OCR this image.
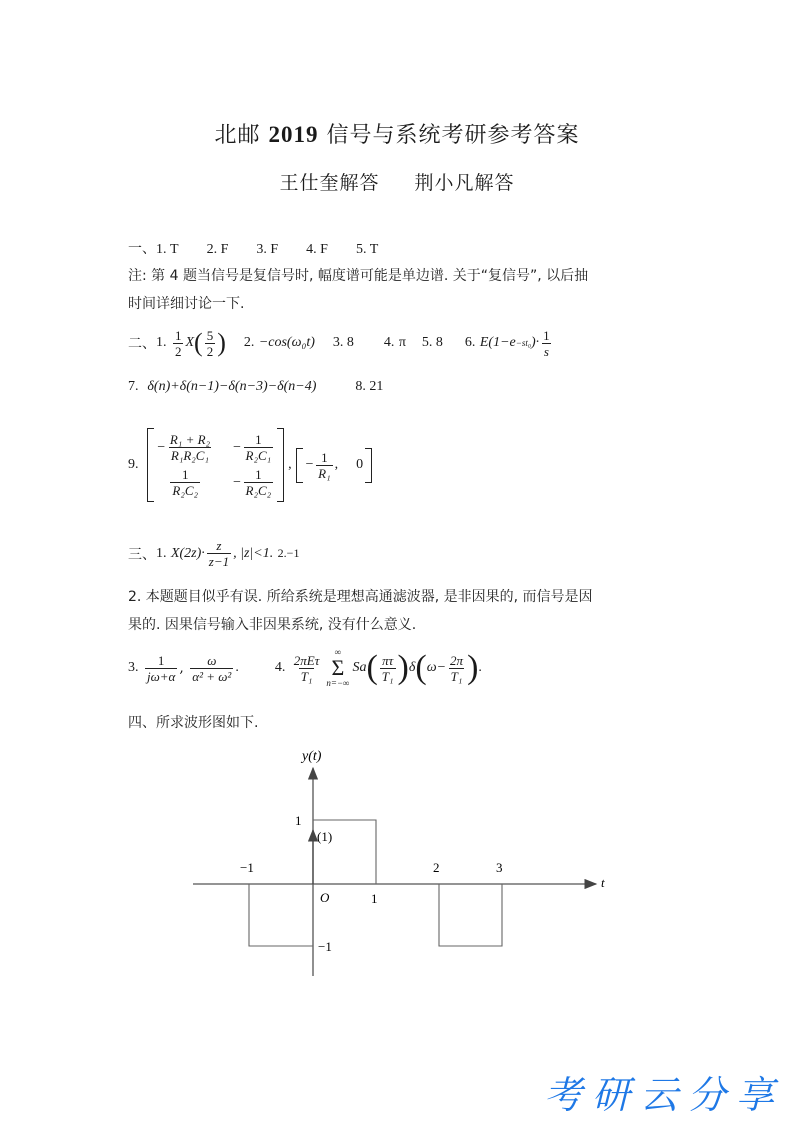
北邮 2019 信号与系统考研参考答案
王仕奎解答 荆小凡解答
一、1. T 2. F 3. F 4. F 5. T
注: 第 4 题当信号是复信号时, 幅度谱可能是单边谱. 关于“复信号”, 以后抽
时间详细讨论一下.
二、 1.
$\frac{1}{2}$ X ( $\frac{5}{2}$ ) 2.
−cos(ω₀t) 3. 8 4.
π 5. 8 6.
E(1−e −st₀ )· $\frac{1}{s}$
7. δ(n)+δ(n−1)−δ(n−3)−δ(n−4)	8. 21
9.

− $\frac{\text{R₁ + R₂}}{\text{R₁R₂C₁}} - \frac{1}{\text{R₂C₁}}$
$\frac{1}{\text{R₂C₂}} - \frac{1}{\text{R₂C₂}}$
, − $\frac{1}{\text{R₁}}$ , 0
三、 1.
$X(2z)\cdot \frac{z}{z-1}$ , |z|<1.
2.−1
2. 本题题目似乎有误. 所给系统是理想高通滤波器, 是非因果的, 而信号是因
果的. 因果信号输入非因果系统, 没有什么意义.
3.
$\frac{1}{j\omega+\alpha}$ , $\frac{\omega}{\text{α² + ω²}}$ .	4.
$\frac{\text{2πEτ}}{\text{T₁}}$
∞
Σ
n=−∞
Sa ( $\frac{\pi\tau}{\text{T₁}}$ ) δ ( $\omega- \frac{2\pi}{\text{T₁}}$ ) .
四、所求波形图如下.
y(t)
t
1
(1)
−1	2	3
O	1
−1
考研云分享
